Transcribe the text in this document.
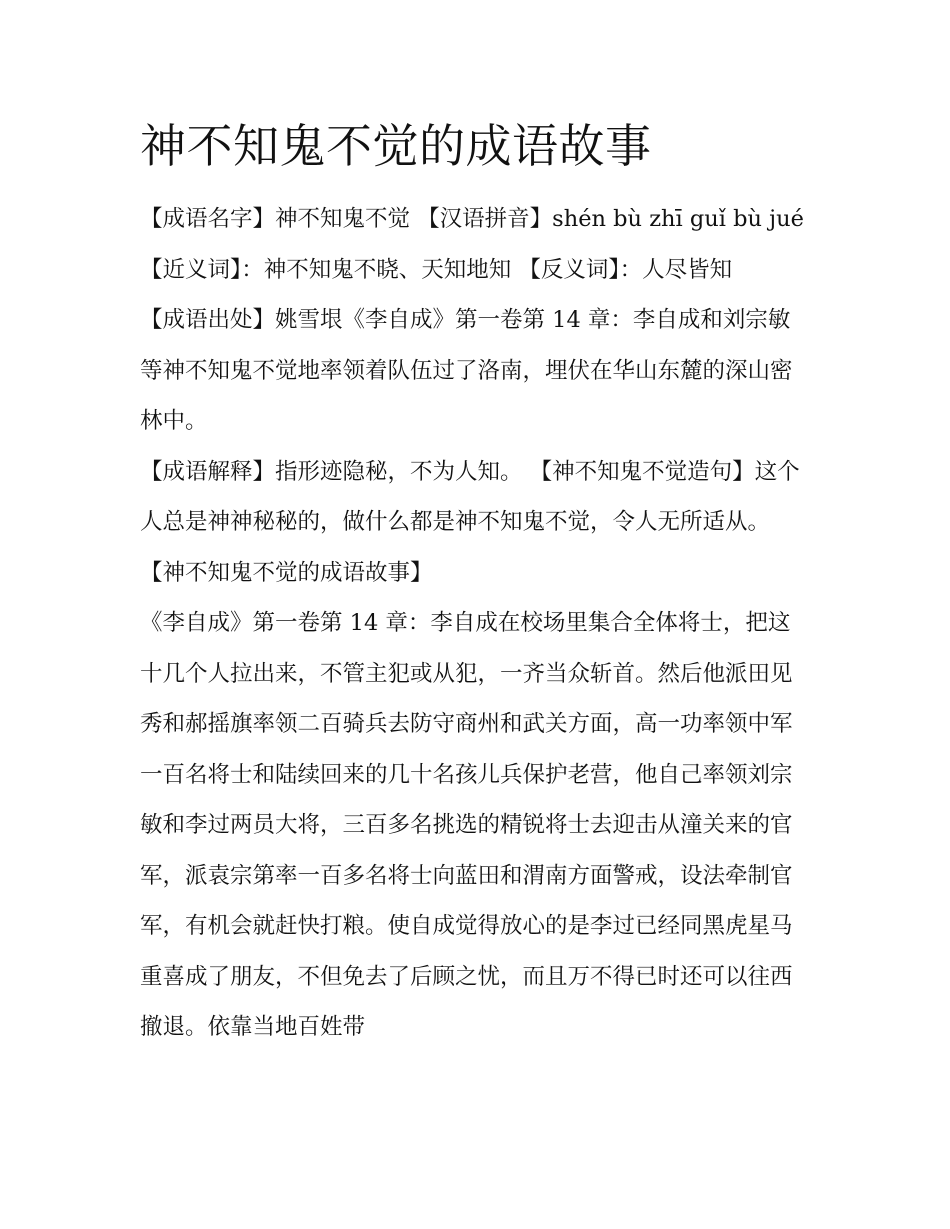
神不知鬼不觉的成语故事

【成语名字】神不知鬼不觉 【汉语拼音】shén bù zhī guǐ bù jué 【近义词】：神不知鬼不晓、天知地知 【反义词】：人尽皆知

【成语出处】姚雪垠《李自成》第一卷第 14 章：李自成和刘宗敏等神不知鬼不觉地率领着队伍过了洛南，埋伏在华山东麓的深山密林中。

【成语解释】指形迹隐秘，不为人知。 【神不知鬼不觉造句】这个人总是神神秘秘的，做什么都是神不知鬼不觉，令人无所适从。 【神不知鬼不觉的成语故事】

《李自成》第一卷第 14 章：李自成在校场里集合全体将士，把这十几个人拉出来，不管主犯或从犯，一齐当众斩首。然后他派田见秀和郝摇旗率领二百骑兵去防守商州和武关方面，高一功率领中军一百名将士和陆续回来的几十名孩儿兵保护老营，他自己率领刘宗敏和李过两员大将，三百多名挑选的精锐将士去迎击从潼关来的官军，派袁宗第率一百多名将士向蓝田和渭南方面警戒，设法牵制官军，有机会就赶快打粮。使自成觉得放心的是李过已经同黑虎星马重喜成了朋友，不但免去了后顾之忧，而且万不得已时还可以往西撤退。依靠当地百姓带
